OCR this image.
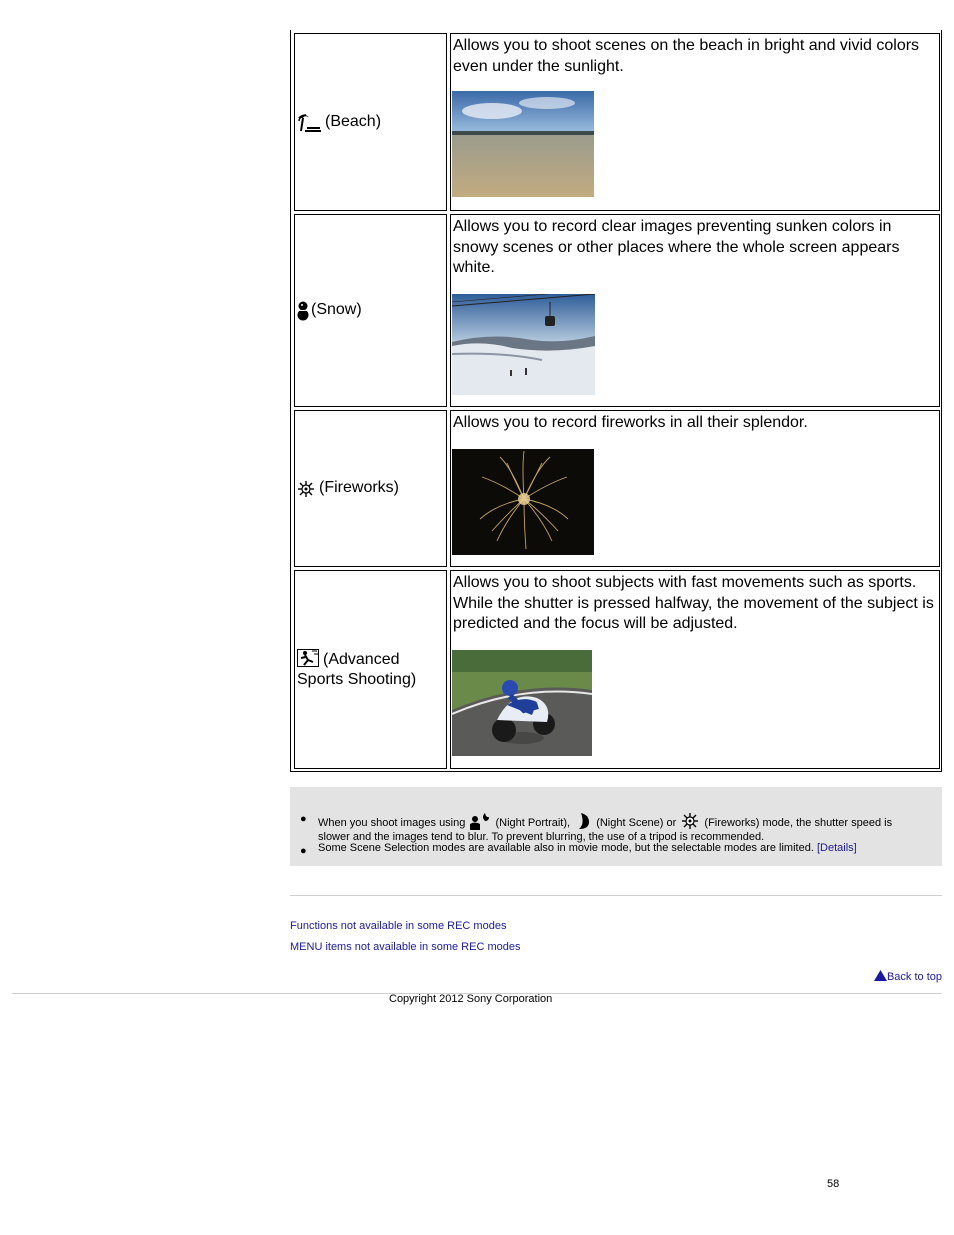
(Beach)
Allows you to shoot scenes on the beach in bright and vivid colors even under the sunlight.
(Snow)
Allows you to record clear images preventing sunken colors in snowy scenes or other places where the whole screen appears white.
(Fireworks)
Allows you to record fireworks in all their splendor.
(Advanced Sports Shooting)
Allows you to shoot subjects with fast movements such as sports. While the shutter is pressed halfway, the movement of the subject is predicted and the focus will be adjusted.
● When you shoot images using	(Night Portrait), (Night Scene) or	(Fireworks) mode, the shutter speed is slower and the images tend to blur. To prevent blurring, the use of a tripod is recommended.
● Some Scene Selection modes are available also in movie mode, but the selectable modes are limited. [Details]
Functions not available in some REC modes
MENU items not available in some REC modes
Back to top
Copyright 2012 Sony Corporation
58
